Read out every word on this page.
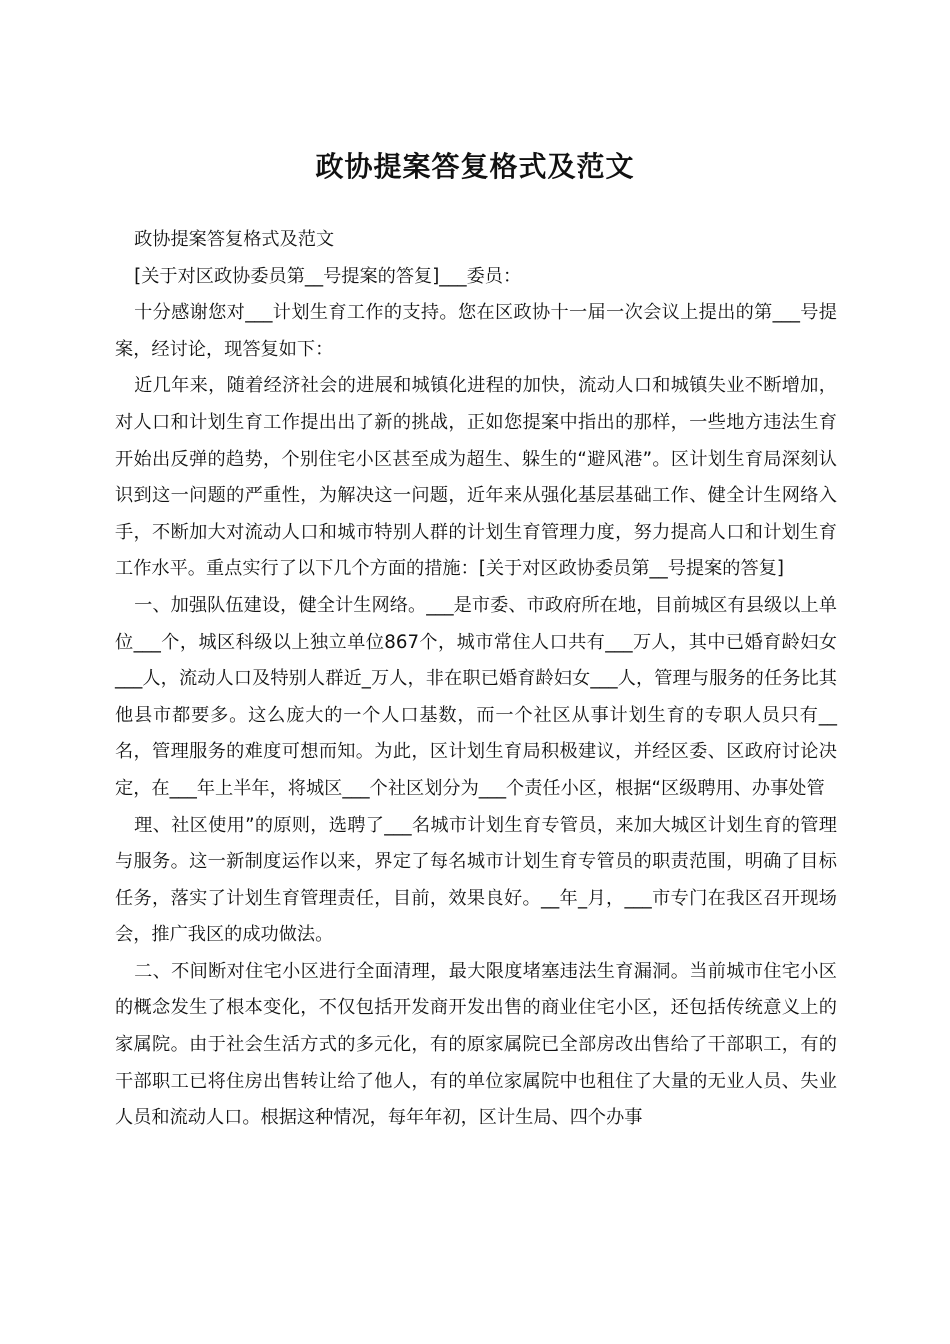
政协提案答复格式及范文

政协提案答复格式及范文

[关于对区政协委员第__号提案的答复]___委员：

十分感谢您对___计划生育工作的支持。您在区政协十一届一次会议上提出的第___号提案，经讨论，现答复如下：

近几年来，随着经济社会的进展和城镇化进程的加快，流动人口和城镇失业不断增加，对人口和计划生育工作提出出了新的挑战，正如您提案中指出的那样，一些地方违法生育开始出反弹的趋势，个别住宅小区甚至成为超生、躲生的“避风港”。区计划生育局深刻认识到这一问题的严重性，为解决这一问题，近年来从强化基层基础工作、健全计生网络入手，不断加大对流动人口和城市特别人群的计划生育管理力度，努力提高人口和计划生育工作水平。重点实行了以下几个方面的措施：[关于对区政协委员第__号提案的答复]

一、加强队伍建设，健全计生网络。___是市委、市政府所在地，目前城区有县级以上单位___个，城区科级以上独立单位867个，城市常住人口共有___万人，其中已婚育龄妇女___人，流动人口及特别人群近_万人，非在职已婚育龄妇女___人，管理与服务的任务比其他县市都要多。这么庞大的一个人口基数，而一个社区从事计划生育的专职人员只有__名，管理服务的难度可想而知。为此，区计划生育局积极建议，并经区委、区政府讨论决定，在___年上半年，将城区___个社区划分为___个责任小区，根据“区级聘用、办事处管

理、社区使用”的原则，选聘了___名城市计划生育专管员，来加大城区计划生育的管理与服务。这一新制度运作以来，界定了每名城市计划生育专管员的职责范围，明确了目标任务，落实了计划生育管理责任，目前，效果良好。__年_月，___市专门在我区召开现场会，推广我区的成功做法。

二、不间断对住宅小区进行全面清理，最大限度堵塞违法生育漏洞。当前城市住宅小区的概念发生了根本变化，不仅包括开发商开发出售的商业住宅小区，还包括传统意义上的家属院。由于社会生活方式的多元化，有的原家属院已全部房改出售给了干部职工，有的干部职工已将住房出售转让给了他人，有的单位家属院中也租住了大量的无业人员、失业人员和流动人口。根据这种情况，每年年初，区计生局、四个办事
